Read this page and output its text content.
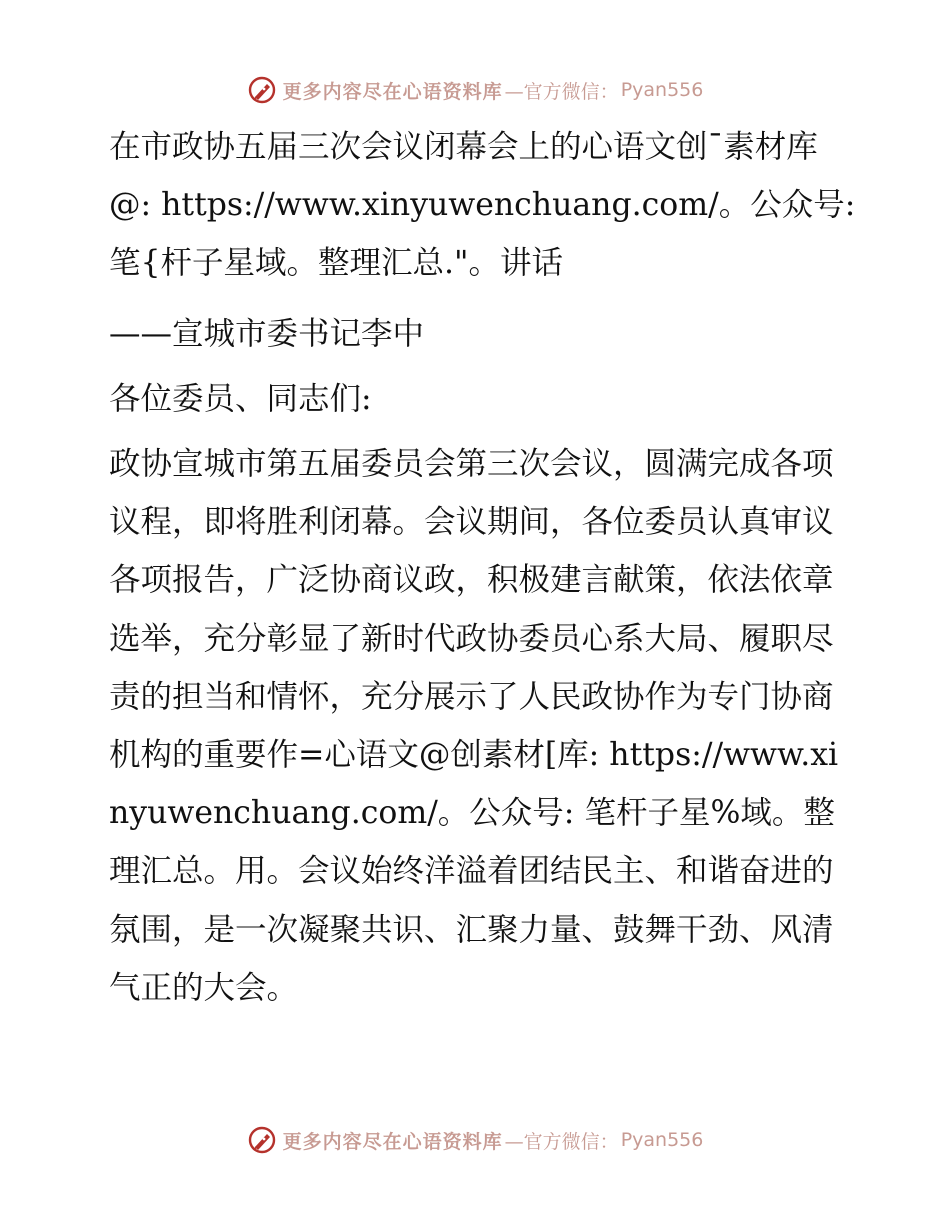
更多内容尽在心语资料库 —官方微信： Pyan556

在市政协五届三次会议闭幕会上的心语文创¯素材库@: https://www.xinyuwenchuang.com/。公众号: 笔{杆子星域。整理汇总."。讲话

——宣城市委书记李中

各位委员、同志们:

政协宣城市第五届委员会第三次会议，圆满完成各项议程，即将胜利闭幕。会议期间，各位委员认真审议各项报告，广泛协商议政，积极建言献策，依法依章选举，充分彰显了新时代政协委员心系大局、履职尽责的担当和情怀，充分展示了人民政协作为专门协商机构的重要作=心语文@创素材[库: https://www.xinyuwenchuang.com/。公众号: 笔杆子星%域。整理汇总。用。会议始终洋溢着团结民主、和谐奋进的氛围，是一次凝聚共识、汇聚力量、鼓舞干劲、风清气正的大会。

更多内容尽在心语资料库 —官方微信： Pyan556
